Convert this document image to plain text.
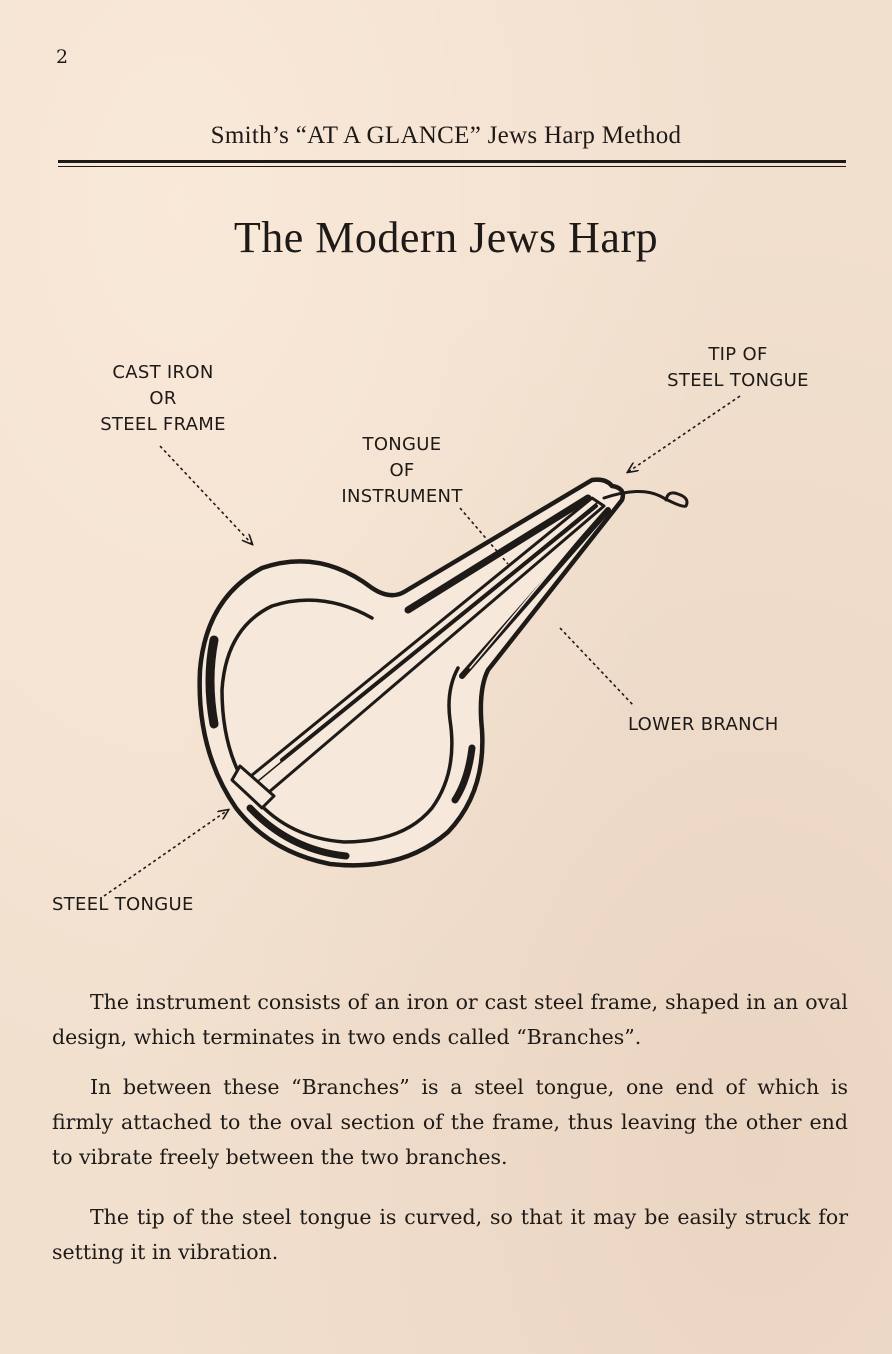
2
Smith’s “AT A GLANCE” Jews Harp Method
The Modern Jews Harp
CAST IRON
OR
STEEL FRAME
TONGUE
OF
INSTRUMENT
TIP OF
STEEL TONGUE
LOWER BRANCH
STEEL TONGUE
The instrument consists of an iron or cast steel frame, shaped in an oval design, which terminates in two ends called “Branches”.
In between these “Branches” is a steel tongue, one end of which is firmly attached to the oval section of the frame, thus leaving the other end to vibrate freely between the two branches.
The tip of the steel tongue is curved, so that it may be easily struck for setting it in vibration.
